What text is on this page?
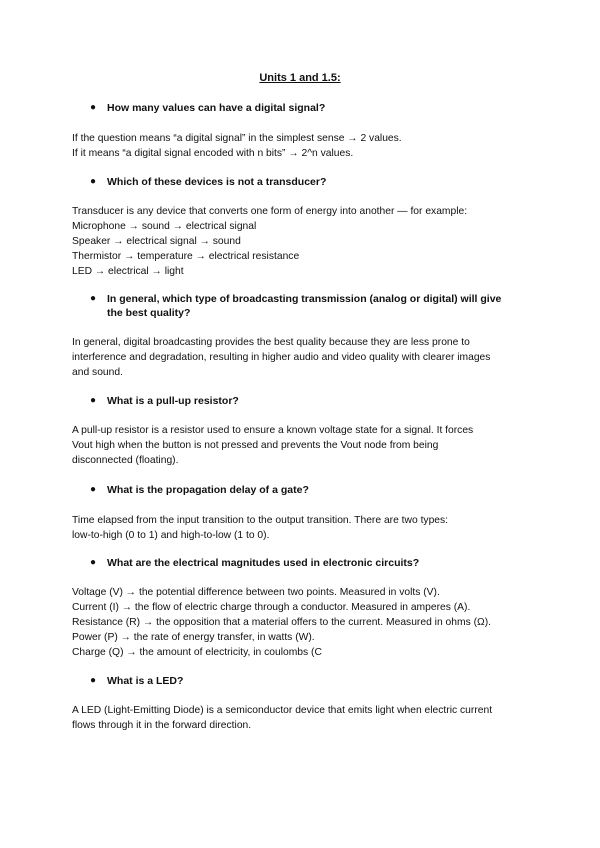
Units 1 and 1.5:
● How many values can have a digital signal?
If the question means “a digital signal” in the simplest sense → 2 values.
If it means “a digital signal encoded with n bits” → 2^n values.
● Which of these devices is not a transducer?
Transducer is any device that converts one form of energy into another — for example:
Microphone → sound → electrical signal
Speaker → electrical signal → sound
Thermistor → temperature → electrical resistance
LED → electrical → light
● In general, which type of broadcasting transmission (analog or digital) will give
the best quality?
In general, digital broadcasting provides the best quality because they are less prone to
interference and degradation, resulting in higher audio and video quality with clearer images
and sound.
● What is a pull-up resistor?
A pull-up resistor is a resistor used to ensure a known voltage state for a signal. It forces
Vout high when the button is not pressed and prevents the Vout node from being
disconnected (floating).
● What is the propagation delay of a gate?
Time elapsed from the input transition to the output transition. There are two types:
low-to-high (0 to 1) and high-to-low (1 to 0).
● What are the electrical magnitudes used in electronic circuits?
Voltage (V) → the potential difference between two points. Measured in volts (V).
Current (I) → the flow of electric charge through a conductor. Measured in amperes (A).
Resistance (R) → the opposition that a material offers to the current. Measured in ohms (Ω).
Power (P) → the rate of energy transfer, in watts (W).
Charge (Q) → the amount of electricity, in coulombs (C
● What is a LED?
A LED (Light-Emitting Diode) is a semiconductor device that emits light when electric current
flows through it in the forward direction.
